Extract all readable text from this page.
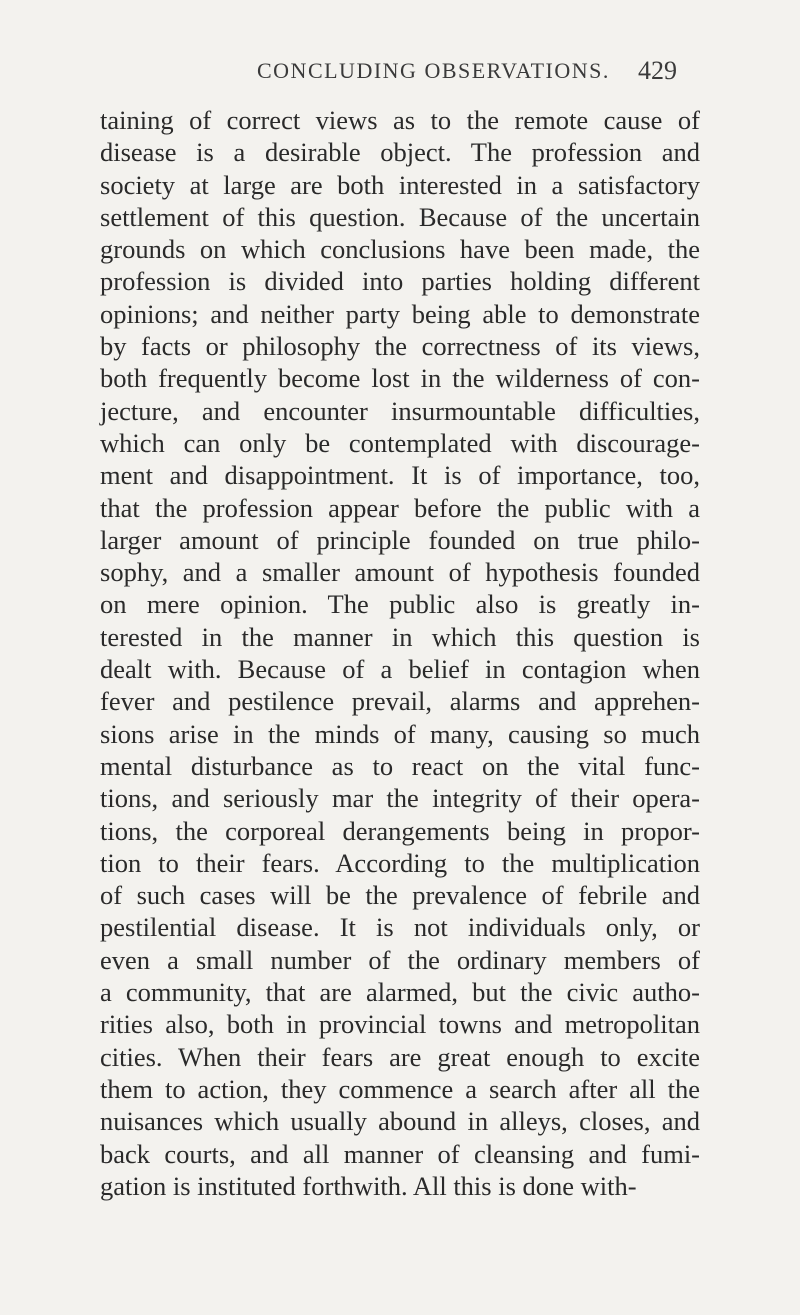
CONCLUDING OBSERVATIONS. 429
taining of correct views as to the remote cause of
disease is a desirable object. The profession and
society at large are both interested in a satisfactory
settlement of this question. Because of the uncertain
grounds on which conclusions have been made, the
profession is divided into parties holding different
opinions; and neither party being able to demonstrate
by facts or philosophy the correctness of its views,
both frequently become lost in the wilderness of con-
jecture, and encounter insurmountable difficulties,
which can only be contemplated with discourage-
ment and disappointment. It is of importance, too,
that the profession appear before the public with a
larger amount of principle founded on true philo-
sophy, and a smaller amount of hypothesis founded
on mere opinion. The public also is greatly in-
terested in the manner in which this question is
dealt with. Because of a belief in contagion when
fever and pestilence prevail, alarms and apprehen-
sions arise in the minds of many, causing so much
mental disturbance as to react on the vital func-
tions, and seriously mar the integrity of their opera-
tions, the corporeal derangements being in propor-
tion to their fears. According to the multiplication
of such cases will be the prevalence of febrile and
pestilential disease. It is not individuals only, or
even a small number of the ordinary members of
a community, that are alarmed, but the civic autho-
rities also, both in provincial towns and metropolitan
cities. When their fears are great enough to excite
them to action, they commence a search after all the
nuisances which usually abound in alleys, closes, and
back courts, and all manner of cleansing and fumi-
gation is instituted forthwith. All this is done with-
